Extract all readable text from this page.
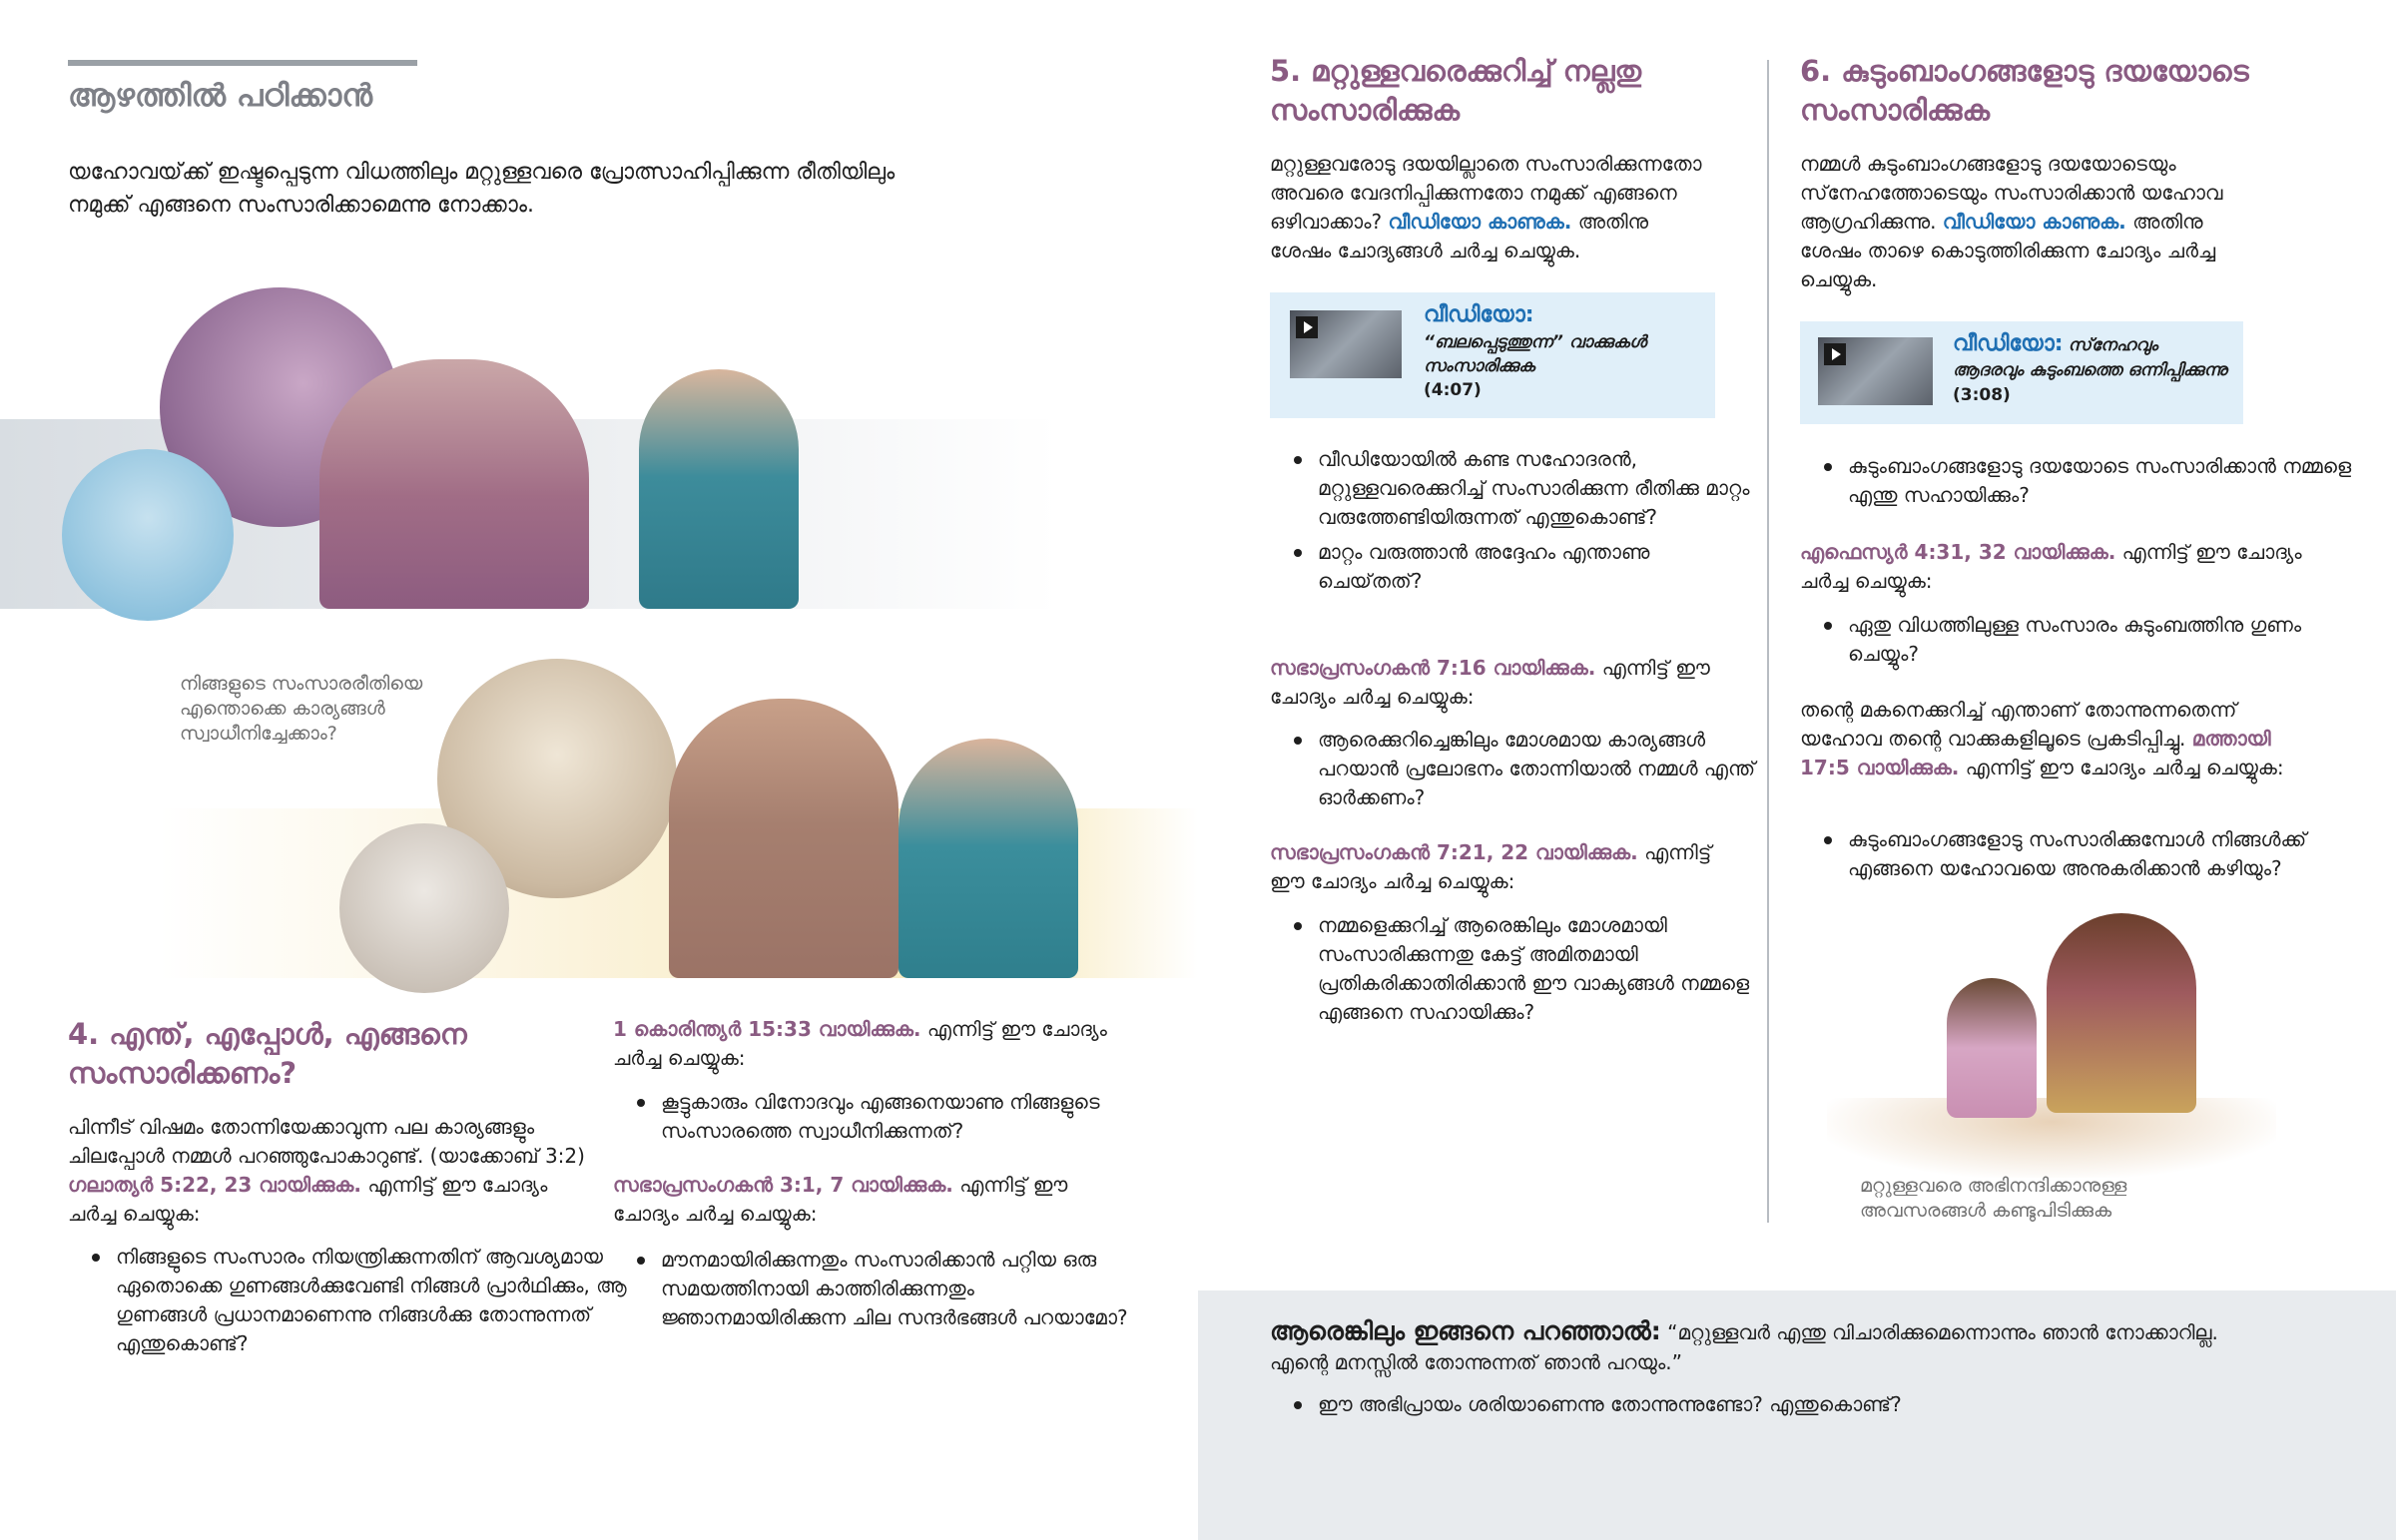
ആഴത്തിൽ പഠിക്കാൻ

യഹോവയ്‌ക്ക് ഇഷ്ടപ്പെടുന്ന വിധത്തിലും മറ്റുള്ളവരെ പ്രോത്സാഹിപ്പിക്കുന്ന രീതിയിലും നമുക്ക് എങ്ങനെ സംസാരിക്കാമെന്നു നോക്കാം.

നിങ്ങളുടെ സംസാരരീതിയെ എന്തൊക്കെ കാര്യങ്ങൾ സ്വാധീനിച്ചേക്കാം?

4. എന്ത്, എപ്പോൾ, എങ്ങനെ സംസാരിക്കണം?

പിന്നീട് വിഷമം തോന്നിയേക്കാവുന്ന പല കാര്യങ്ങളും ചിലപ്പോൾ നമ്മൾ പറഞ്ഞുപോകാറുണ്ട്. (യാക്കോബ് 3:2) ഗലാത്യർ 5:22, 23 വായിക്കുക. എന്നിട്ട് ഈ ചോദ്യം ചർച്ച ചെയ്യുക:

നിങ്ങളുടെ സംസാരം നിയന്ത്രിക്കുന്നതിന് ആവശ്യമായ ഏതൊക്കെ ഗുണങ്ങൾക്കുവേണ്ടി നിങ്ങൾ പ്രാർഥിക്കും, ആ ഗുണങ്ങൾ പ്രധാനമാണെന്നു നിങ്ങൾക്കു തോന്നുന്നത് എന്തുകൊണ്ട്?

1 കൊരിന്ത്യർ 15:33 വായിക്കുക. എന്നിട്ട് ഈ ചോദ്യം ചർച്ച ചെയ്യുക:

കൂട്ടുകാരും വിനോദവും എങ്ങനെയാണു നിങ്ങളുടെ സംസാരത്തെ സ്വാധീനിക്കുന്നത്?

സഭാപ്രസംഗകൻ 3:1, 7 വായിക്കുക. എന്നിട്ട് ഈ ചോദ്യം ചർച്ച ചെയ്യുക:

മൗനമായിരിക്കുന്നതും സംസാരിക്കാൻ പറ്റിയ ഒരു സമയത്തിനായി കാത്തിരിക്കുന്നതും ജ്ഞാനമായിരിക്കുന്ന ചില സന്ദർഭങ്ങൾ പറയാമോ?
5. മറ്റുള്ളവരെക്കുറിച്ച് നല്ലതു സംസാരിക്കുക

മറ്റുള്ളവരോടു ദയയില്ലാതെ സംസാരിക്കുന്നതോ അവരെ വേദനിപ്പിക്കുന്നതോ നമുക്ക് എങ്ങനെ ഒഴിവാക്കാം? വീഡിയോ കാണുക. അതിനു ശേഷം ചോദ്യങ്ങൾ ചർച്ച ചെയ്യുക.

വീഡിയോ:
“ബലപ്പെടുത്തുന്ന” വാക്കുകൾ സംസാരിക്കുക
(4:07)
വീഡിയോയിൽ കണ്ട സഹോദരൻ, മറ്റുള്ളവരെക്കുറിച്ച് സംസാരിക്കുന്ന രീതിക്കു മാറ്റം വരുത്തേണ്ടിയിരുന്നത് എന്തുകൊണ്ട്?
മാറ്റം വരുത്താൻ അദ്ദേഹം എന്താണു ചെയ്‌തത്?

സഭാപ്രസംഗകൻ 7:16 വായിക്കുക. എന്നിട്ട് ഈ ചോദ്യം ചർച്ച ചെയ്യുക:

ആരെക്കുറിച്ചെങ്കിലും മോശമായ കാര്യങ്ങൾ പറയാൻ പ്രലോഭനം തോന്നിയാൽ നമ്മൾ എന്ത് ഓർക്കണം?

സഭാപ്രസംഗകൻ 7:21, 22 വായിക്കുക. എന്നിട്ട് ഈ ചോദ്യം ചർച്ച ചെയ്യുക:

നമ്മളെക്കുറിച്ച് ആരെങ്കിലും മോശമായി സംസാരിക്കുന്നതു കേട്ട് അമിതമായി പ്രതികരിക്കാതിരിക്കാൻ ഈ വാക്യങ്ങൾ നമ്മളെ എങ്ങനെ സഹായിക്കും?
6. കുടുംബാംഗങ്ങളോടു ദയയോടെ സംസാരിക്കുക

നമ്മൾ കുടുംബാംഗങ്ങളോടു ദയയോടെയും സ്‌നേഹത്തോടെയും സംസാരിക്കാൻ യഹോവ ആഗ്രഹിക്കുന്നു. വീഡിയോ കാണുക. അതിനു ശേഷം താഴെ കൊടുത്തിരിക്കുന്ന ചോദ്യം ചർച്ച ചെയ്യുക.

വീഡിയോ: സ്‌നേഹവും ആദരവും കുടുംബത്തെ ഒന്നിപ്പിക്കുന്നു (3:08)
കുടുംബാംഗങ്ങളോടു ദയയോടെ സംസാരിക്കാൻ നമ്മളെ എന്തു സഹായിക്കും?

എഫെസ്യർ 4:31, 32 വായിക്കുക. എന്നിട്ട് ഈ ചോദ്യം ചർച്ച ചെയ്യുക:

ഏതു വിധത്തിലുള്ള സംസാരം കുടുംബത്തിനു ഗുണം ചെയ്യും?

തന്റെ മകനെക്കുറിച്ച് എന്താണ് തോന്നുന്നതെന്ന് യഹോവ തന്റെ വാക്കുകളിലൂടെ പ്രകടിപ്പിച്ചു. മത്തായി 17:5 വായിക്കുക. എന്നിട്ട് ഈ ചോദ്യം ചർച്ച ചെയ്യുക:

കുടുംബാംഗങ്ങളോടു സംസാരിക്കുമ്പോൾ നിങ്ങൾക്ക് എങ്ങനെ യഹോവയെ അനുകരിക്കാൻ കഴിയും?

മറ്റുള്ളവരെ അഭിനന്ദിക്കാനുള്ള അവസരങ്ങൾ കണ്ടുപിടിക്കുക

ആരെങ്കിലും ഇങ്ങനെ പറഞ്ഞാൽ: “മറ്റുള്ളവർ എന്തു വിചാരിക്കുമെന്നൊന്നും ഞാൻ നോക്കാറില്ല. എന്റെ മനസ്സിൽ തോന്നുന്നത് ഞാൻ പറയും.”

ഈ അഭിപ്രായം ശരിയാണെന്നു തോന്നുന്നുണ്ടോ? എന്തുകൊണ്ട്?
